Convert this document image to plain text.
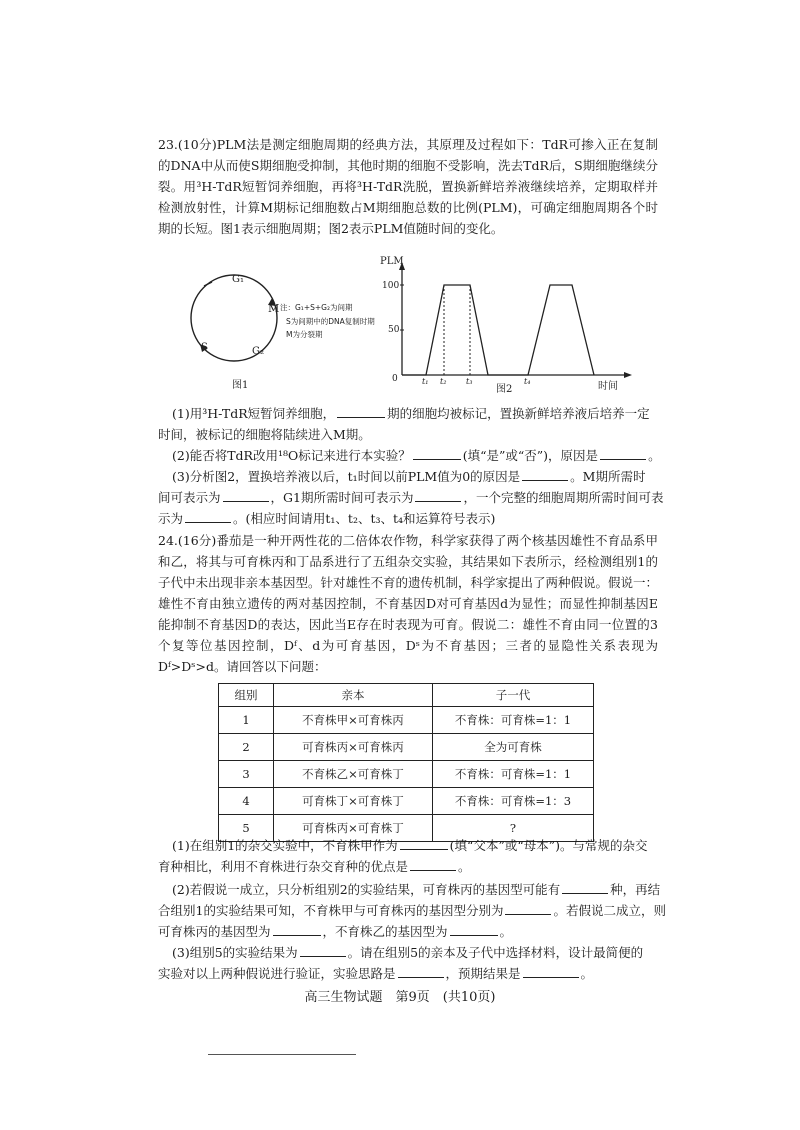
23.(10分)PLM法是测定细胞周期的经典方法，其原理及过程如下：TdR可掺入正在复制的DNA中从而使S期细胞受抑制，其他时期的细胞不受影响，洗去TdR后，S期细胞继续分裂。用³H-TdR短暂饲养细胞，再将³H-TdR洗脱，置换新鲜培养液继续培养，定期取样并检测放射性，计算M期标记细胞数占M期细胞总数的比例(PLM)，可确定细胞周期各个时期的长短。图1表示细胞周期；图2表示PLM值随时间的变化。
G₁
M
S	G₂
注：G₁+S+G₂为间期
S为间期中的DNA复制时期
M为分裂期
图1
PLM
时间
100
50
0	t₁ t₂ t₃	t₄
图2
(1)用³H-TdR短暂饲养细胞，	期的细胞均被标记，置换新鲜培养液后培养一定
时间，被标记的细胞将陆续进入M期。
(2)能否将TdR改用¹⁸O标记来进行本实验？	(填“是”或“否”)，原因是	。
(3)分析图2，置换培养液以后，t₁时间以前PLM值为0的原因是	。M期所需时
间可表示为	，G1期所需时间可表示为	，一个完整的细胞周期所需时间可表
示为	。(相应时间请用t₁、t₂、t₃、t₄和运算符号表示)
24.(16分)番茄是一种开两性花的二倍体农作物，科学家获得了两个核基因雄性不育品系甲和乙，将其与可育株丙和丁品系进行了五组杂交实验，其结果如下表所示，经检测组别1的子代中未出现非亲本基因型。针对雄性不育的遗传机制，科学家提出了两种假说。假说一：雄性不育由独立遗传的两对基因控制，不育基因D对可育基因d为显性；而显性抑制基因E能抑制不育基因D的表达，因此当E存在时表现为可育。假说二：雄性不育由同一位置的3个复等位基因控制，Dᶠ、d为可育基因，Dˢ为不育基因；三者的显隐性关系表现为Dᶠ>Dˢ>d。请回答以下问题：
组别	亲本	子一代
1	不育株甲×可育株丙	不育株：可育株=1：1
2	可育株丙×可育株丙	全为可育株
3	不育株乙×可育株丁	不育株：可育株=1：1
4	可育株丁×可育株丁	不育株：可育株=1：3
5	可育株丙×可育株丁	?
(1)在组别1的杂交实验中，不育株甲作为	(填“父本”或“母本”)。与常规的杂交
育种相比，利用不育株进行杂交育种的优点是	。
(2)若假说一成立，只分析组别2的实验结果，可育株丙的基因型可能有	种，再结
合组别1的实验结果可知，不育株甲与可育株丙的基因型分别为	。若假说二成立，则
可育株丙的基因型为	，不育株乙的基因型为	。
(3)组别5的实验结果为	。请在组别5的亲本及子代中选择材料，设计最简便的
实验对以上两种假说进行验证，实验思路是	，预期结果是	。
高三生物试题　第9页　(共10页)
